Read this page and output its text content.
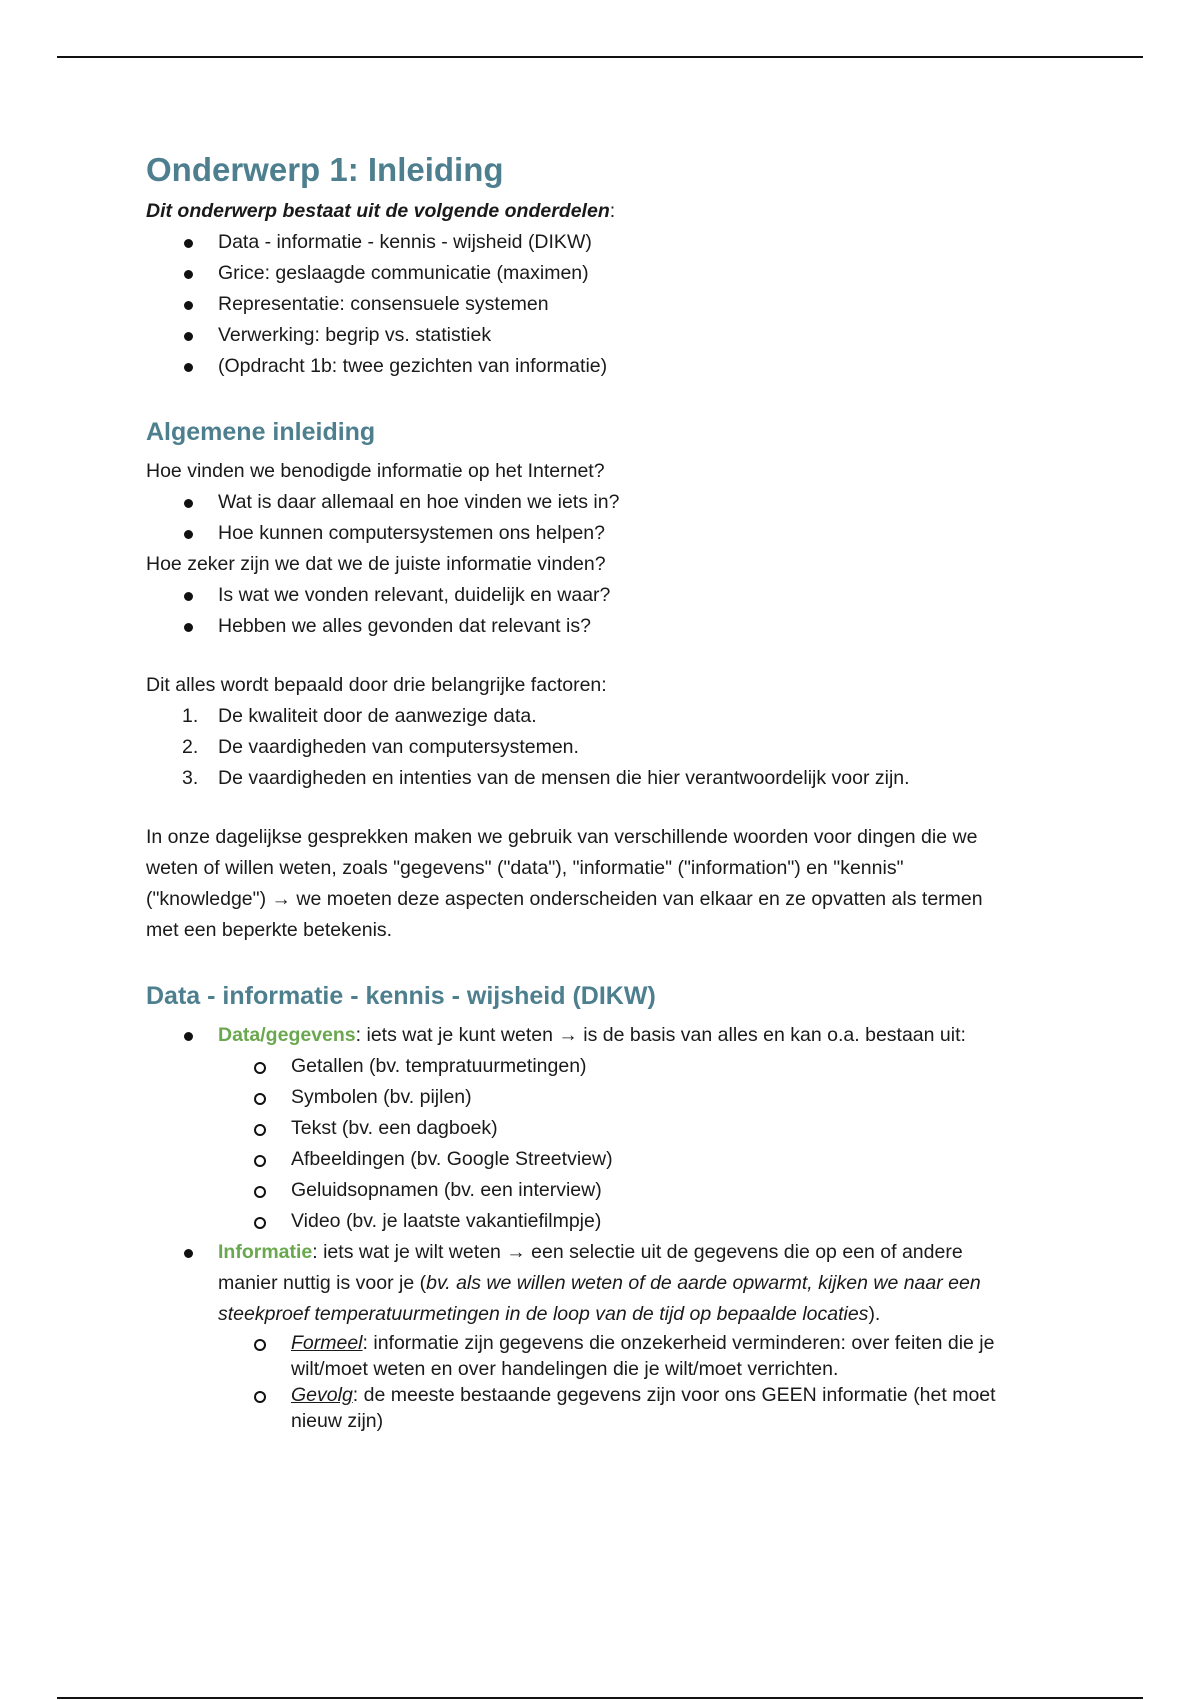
Onderwerp 1: Inleiding

Dit onderwerp bestaat uit de volgende onderdelen:

Data - informatie - kennis - wijsheid (DIKW)
Grice: geslaagde communicatie (maximen)
Representatie: consensuele systemen
Verwerking: begrip vs. statistiek
(Opdracht 1b: twee gezichten van informatie)
Algemene inleiding

Hoe vinden we benodigde informatie op het Internet?

Wat is daar allemaal en hoe vinden we iets in?
Hoe kunnen computersystemen ons helpen?

Hoe zeker zijn we dat we de juiste informatie vinden?

Is wat we vonden relevant, duidelijk en waar?
Hebben we alles gevonden dat relevant is?

Dit alles wordt bepaald door drie belangrijke factoren:

1. De kwaliteit door de aanwezige data.
2. De vaardigheden van computersystemen.
3. De vaardigheden en intenties van de mensen die hier verantwoordelijk voor zijn.

In onze dagelijkse gesprekken maken we gebruik van verschillende woorden voor dingen die we
weten of willen weten, zoals "gegevens" ("data"), "informatie" ("information") en "kennis"
("knowledge") → we moeten deze aspecten onderscheiden van elkaar en ze opvatten als termen
met een beperkte betekenis.

Data - informatie - kennis - wijsheid (DIKW)
Data/gegevens: iets wat je kunt weten → is de basis van alles en kan o.a. bestaan uit:
Getallen (bv. tempratuurmetingen)
Symbolen (bv. pijlen)
Tekst (bv. een dagboek)
Afbeeldingen (bv. Google Streetview)
Geluidsopnamen (bv. een interview)
Video (bv. je laatste vakantiefilmpje)
Informatie: iets wat je wilt weten → een selectie uit de gegevens die op een of andere
manier nuttig is voor je (bv. als we willen weten of de aarde opwarmt, kijken we naar een
steekproef temperatuurmetingen in de loop van de tijd op bepaalde locaties).
Formeel: informatie zijn gegevens die onzekerheid verminderen: over feiten die je
wilt/moet weten en over handelingen die je wilt/moet verrichten.
Gevolg: de meeste bestaande gegevens zijn voor ons GEEN informatie (het moet
nieuw zijn)
